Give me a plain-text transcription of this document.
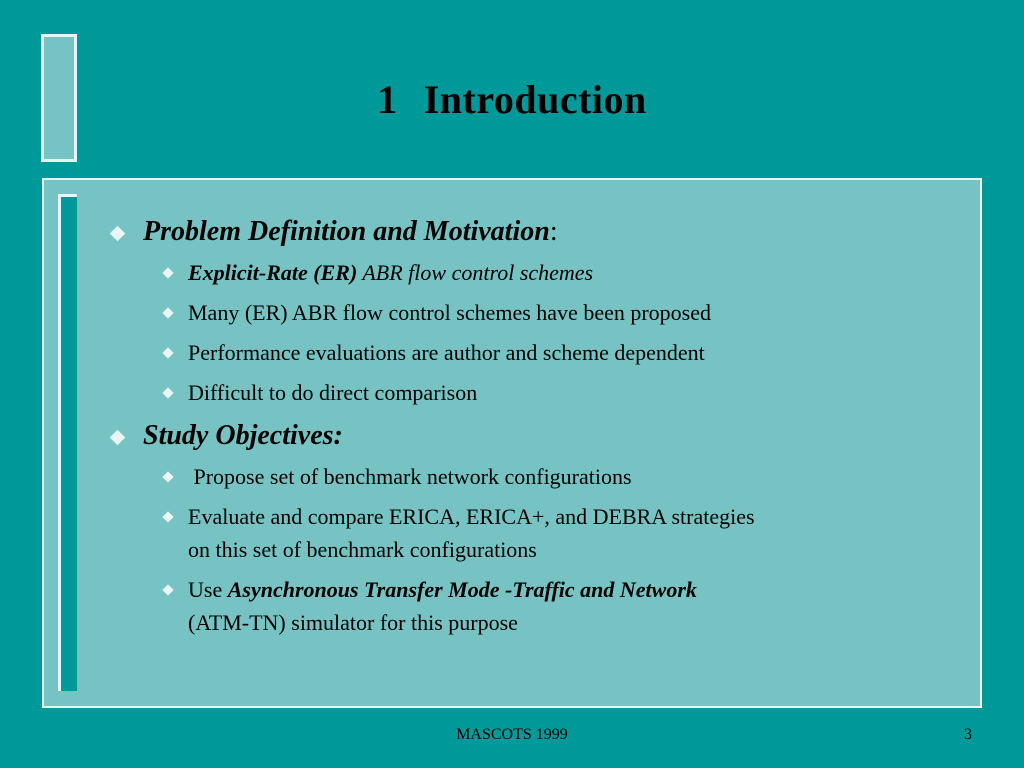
1 Introduction
Problem Definition and Motivation:
Explicit-Rate (ER) ABR flow control schemes
Many (ER) ABR flow control schemes have been proposed
Performance evaluations are author and scheme dependent
Difficult to do direct comparison
Study Objectives:
Propose set of benchmark network configurations
Evaluate and compare ERICA, ERICA+, and DEBRA strategies
on this set of benchmark configurations
Use Asynchronous Transfer Mode -Traffic and Network
(ATM-TN) simulator for this purpose
MASCOTS 1999	3
